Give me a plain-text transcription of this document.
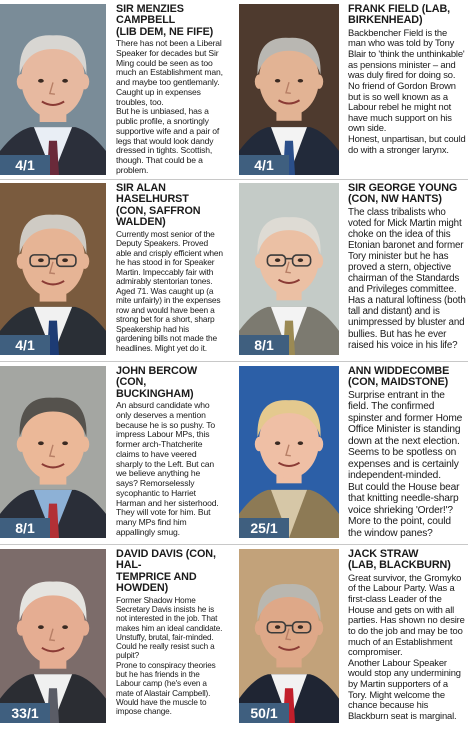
4/1
SIR MENZIES CAMPBELL
(LIB DEM, NE FIFE)

There has not been a Liberal Speaker for decades but Sir Ming could be seen as too much an Establishment man, and maybe too gentlemanly. Caught up in expenses troubles, too.

But he is unbiased, has a public profile, a snortingly supportive wife and a pair of legs that would look dandy dressed in tights. Scottish, though. That could be a problem.	4/1
FRANK FIELD (LAB,
BIRKENHEAD)

Backbencher Field is the man who was told by Tony Blair to 'think the unthinkable' as pensions minister – and was duly fired for doing so.

No friend of Gordon Brown but is so well known as a Labour rebel he might not have much support on his own side.

Honest, unpartisan, but could do with a stronger larynx.

4/1
SIR ALAN HASELHURST
(CON, SAFFRON WALDEN)

Currently most senior of the Deputy Speakers. Proved able and crisply efficient when he has stood in for Speaker Martin. Impeccably fair with admirably stentorian tones. Aged 71. Was caught up (a mite unfairly) in the expenses row and would have been a strong bet for a short, sharp Speakership had his gardening bills not made the headlines. Might yet do it.	8/1
SIR GEORGE YOUNG
(CON, NW HANTS)

The class tribalists who voted for Mick Martin might choke on the idea of this Etonian baronet and former Tory minister but he has proved a stern, objective chairman of the Standards and Privileges committee. Has a natural loftiness (both tall and distant) and is unimpressed by bluster and bullies. But has he ever raised his voice in his life?

8/1
JOHN BERCOW
(CON, BUCKINGHAM)

An absurd candidate who only deserves a mention because he is so pushy. To impress Labour MPs, this former arch-Thatcherite claims to have veered sharply to the Left. But can we believe anything he says? Remorselessly sycophantic to Harriet Harman and her sisterhood.

They will vote for him. But many MPs find him appallingly smug.	25/1
ANN WIDDECOMBE
(CON, MAIDSTONE)

Surprise entrant in the field. The confirmed spinster and former Home Office Minister is standing down at the next election. Seems to be spotless on expenses and is certainly independent-minded.

But could the House bear that knitting needle-sharp voice shrieking 'Order!'? More to the point, could the window panes?

33/1
DAVID DAVIS (CON, HAL-
TEMPRICE AND HOWDEN)

Former Shadow Home Secretary Davis insists he is not interested in the job. That makes him an ideal candidate.

Unstuffy, brutal, fair-minded. Could he really resist such a pulpit?

Prone to conspiracy theories but he has friends in the Labour camp (he's even a mate of Alastair Campbell). Would have the muscle to impose change.	50/1
JACK STRAW
(LAB, BLACKBURN)

Great survivor, the Gromyko of the Labour Party. Was a first-class Leader of the House and gets on with all parties. Has shown no desire to do the job and may be too much of an Establishment compromiser.

Another Labour Speaker would stop any undermining by Martin supporters of a Tory. Might welcome the chance because his Blackburn seat is marginal.
